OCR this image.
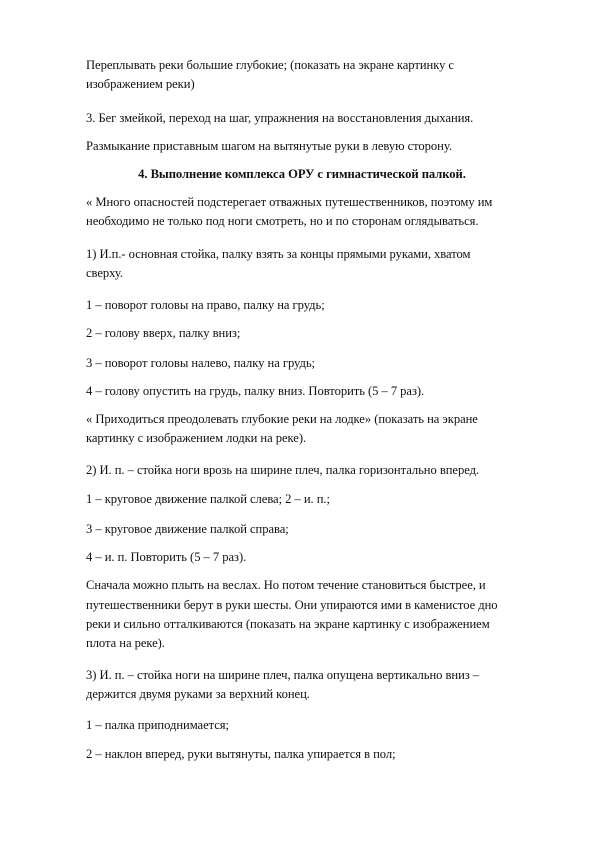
Переплывать реки большие глубокие; (показать на экране картинку с
изображением реки)
3. Бег змейкой, переход на шаг, упражнения на восстановления дыхания.
Размыкание приставным шагом на вытянутые руки в левую сторону.
4. Выполнение комплекса ОРУ с гимнастической палкой.
« Много опасностей подстерегает отважных путешественников, поэтому им
необходимо не только под ноги смотреть, но и по сторонам оглядываться.
1) И.п.- основная стойка, палку взять за концы прямыми руками, хватом
сверху.
1 – поворот головы на право, палку на грудь;
2 – голову вверх, палку вниз;
3 – поворот головы налево, палку на грудь;
4 – голову опустить на грудь, палку вниз. Повторить (5 – 7 раз).
« Приходиться преодолевать глубокие реки на лодке» (показать на экране
картинку с изображением лодки на реке).
2) И. п. – стойка ноги врозь на ширине плеч, палка горизонтально вперед.
1 – круговое движение палкой слева; 2 – и. п.;
3 – круговое движение палкой справа;
4 – и. п. Повторить (5 – 7 раз).
Сначала можно плыть на веслах. Но потом течение становиться быстрее, и
путешественники берут в руки шесты. Они упираются ими в каменистое дно
реки и сильно отталкиваются (показать на экране картинку с изображением
плота на реке).
3) И. п. – стойка ноги на ширине плеч, палка опущена вертикально вниз –
держится двумя руками за верхний конец.
1 – палка приподнимается;
2 – наклон вперед, руки вытянуты, палка упирается в пол;
